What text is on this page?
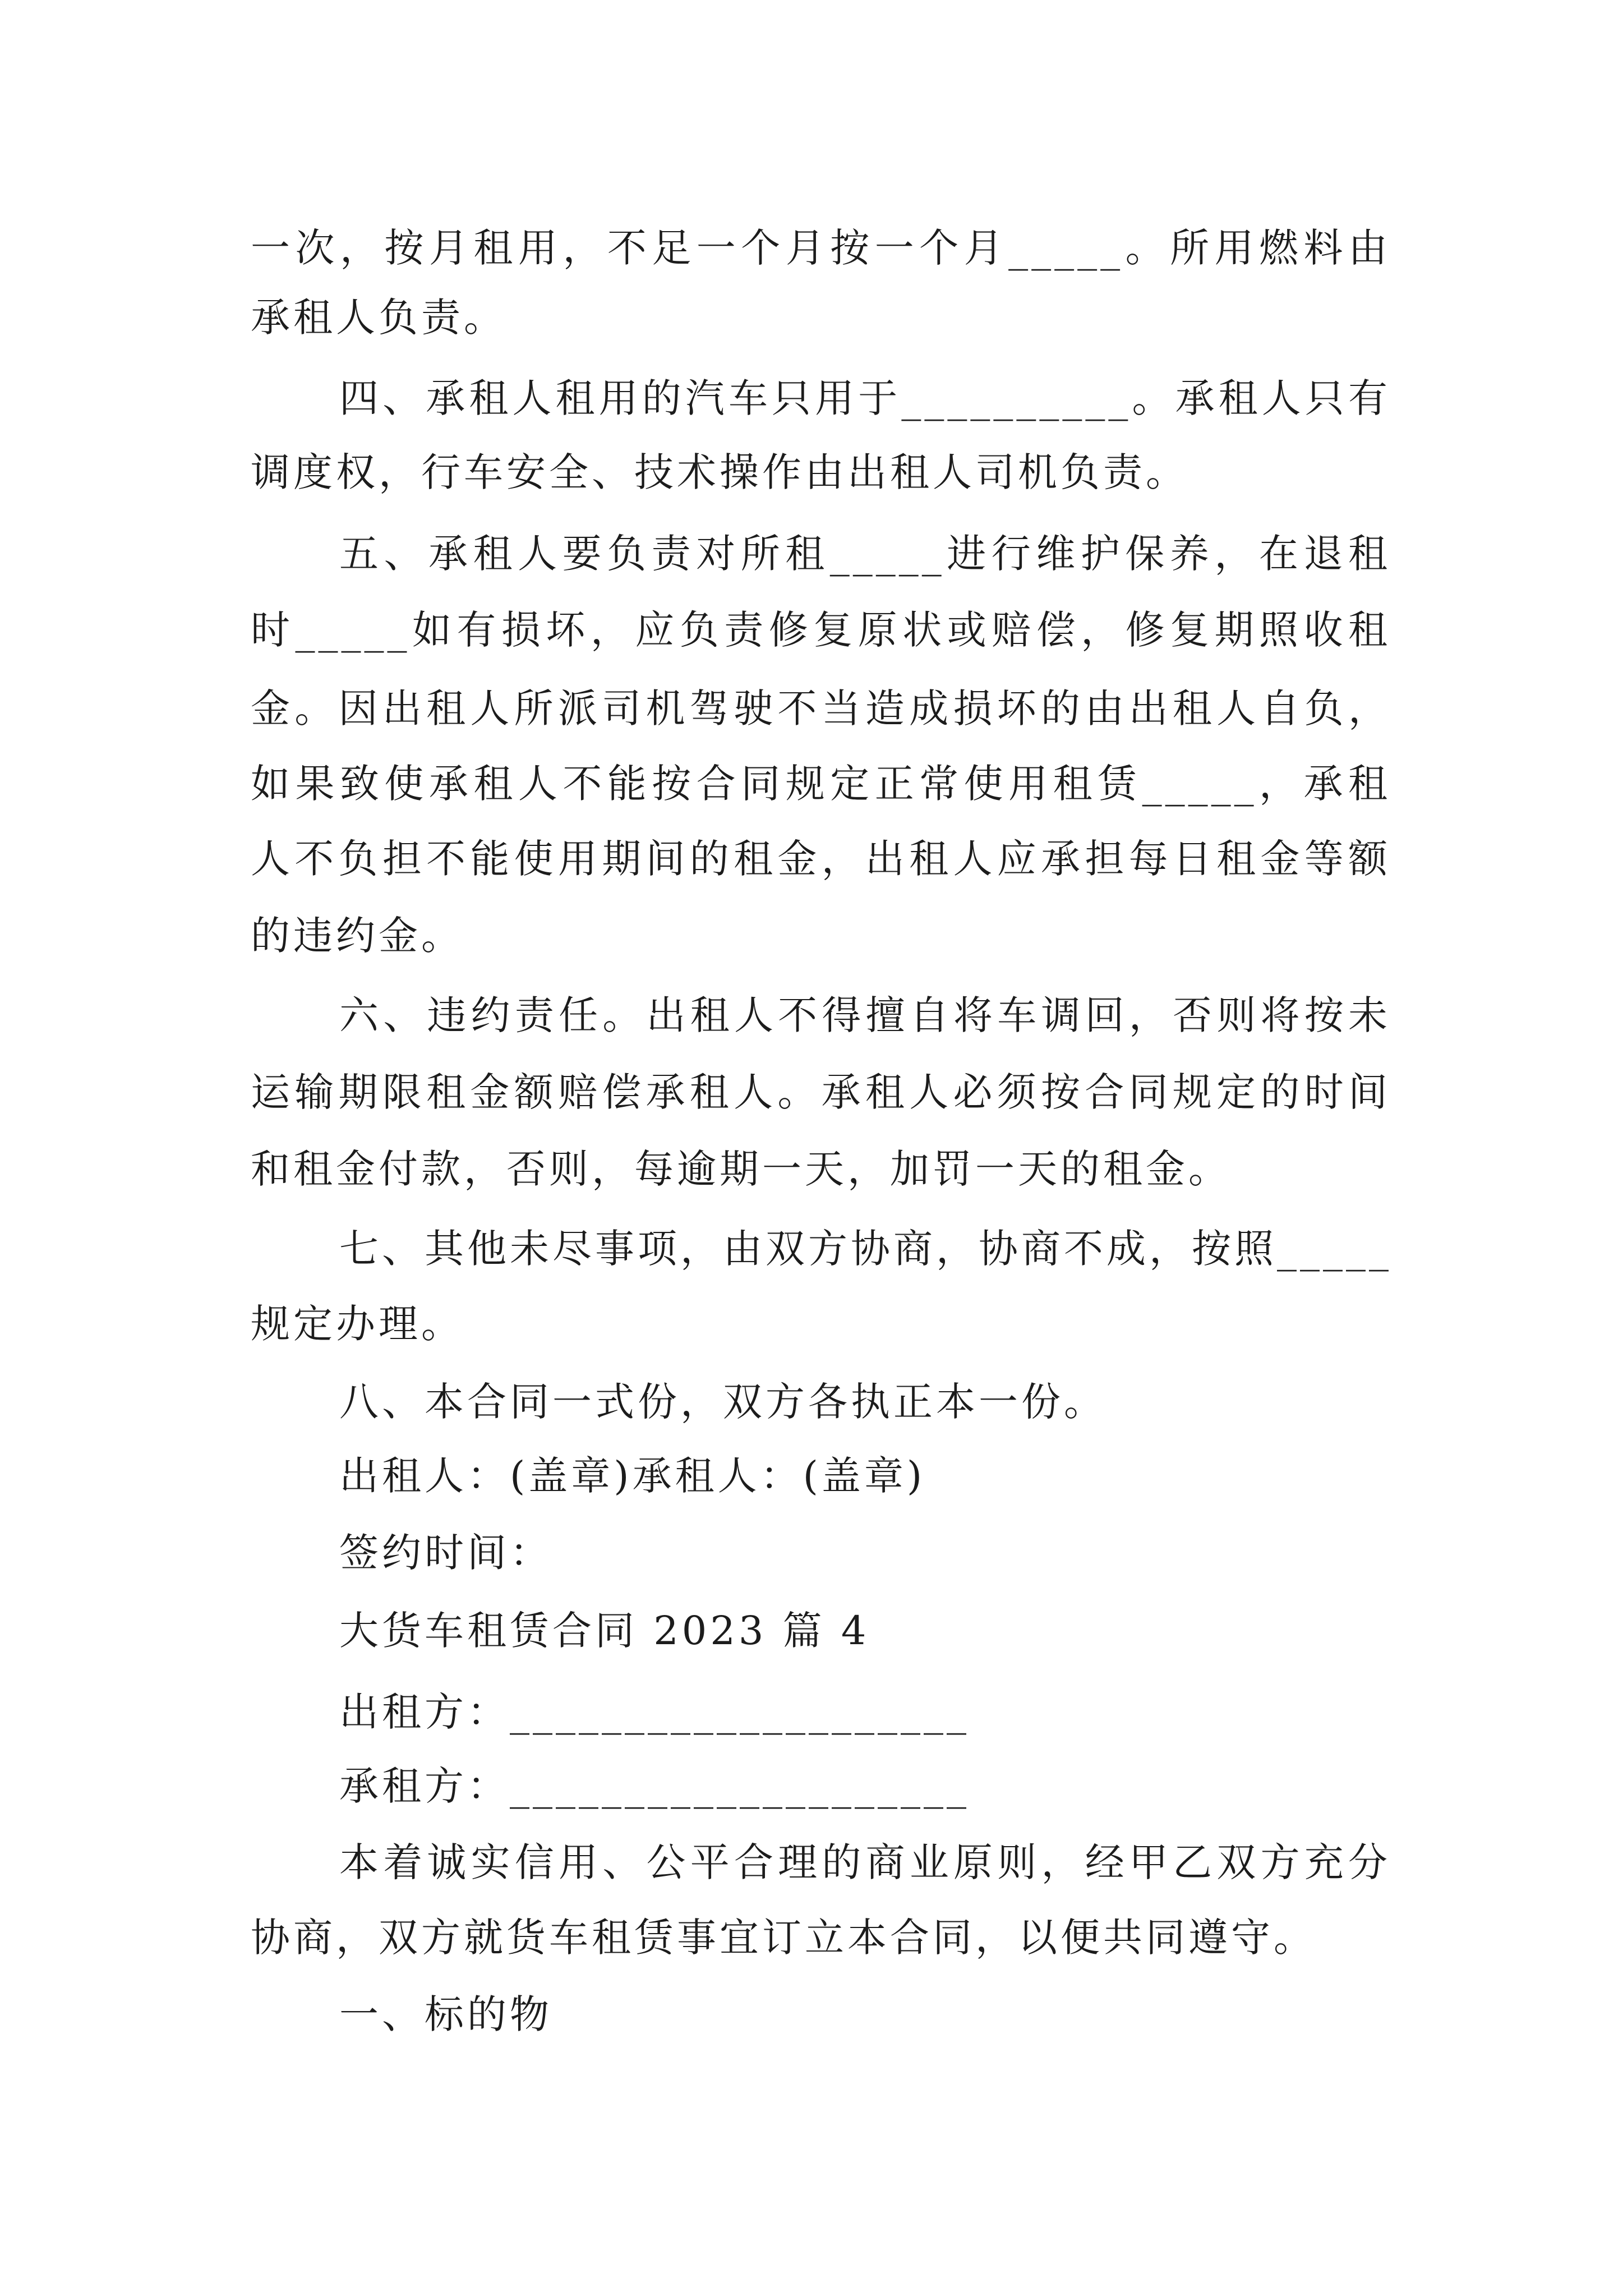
一次，按月租用，不足一个月按一个月_____。所用燃料由
承租人负责。
四、承租人租用的汽车只用于__________。承租人只有
调度权，行车安全、技术操作由出租人司机负责。
五、承租人要负责对所租_____进行维护保养，在退租
时_____如有损坏，应负责修复原状或赔偿，修复期照收租
金。因出租人所派司机驾驶不当造成损坏的由出租人自负，
如果致使承租人不能按合同规定正常使用租赁_____，承租
人不负担不能使用期间的租金，出租人应承担每日租金等额
的违约金。
六、违约责任。出租人不得擅自将车调回，否则将按未
运输期限租金额赔偿承租人。承租人必须按合同规定的时间
和租金付款，否则，每逾期一天，加罚一天的租金。
七、其他未尽事项，由双方协商，协商不成，按照_____
规定办理。
八、本合同一式份，双方各执正本一份。
出租人：(盖章)承租人：(盖章)
签约时间：
大货车租赁合同 2023 篇 4
出租方：____________________
承租方：____________________
本着诚实信用、公平合理的商业原则，经甲乙双方充分
协商，双方就货车租赁事宜订立本合同，以便共同遵守。
一、标的物
